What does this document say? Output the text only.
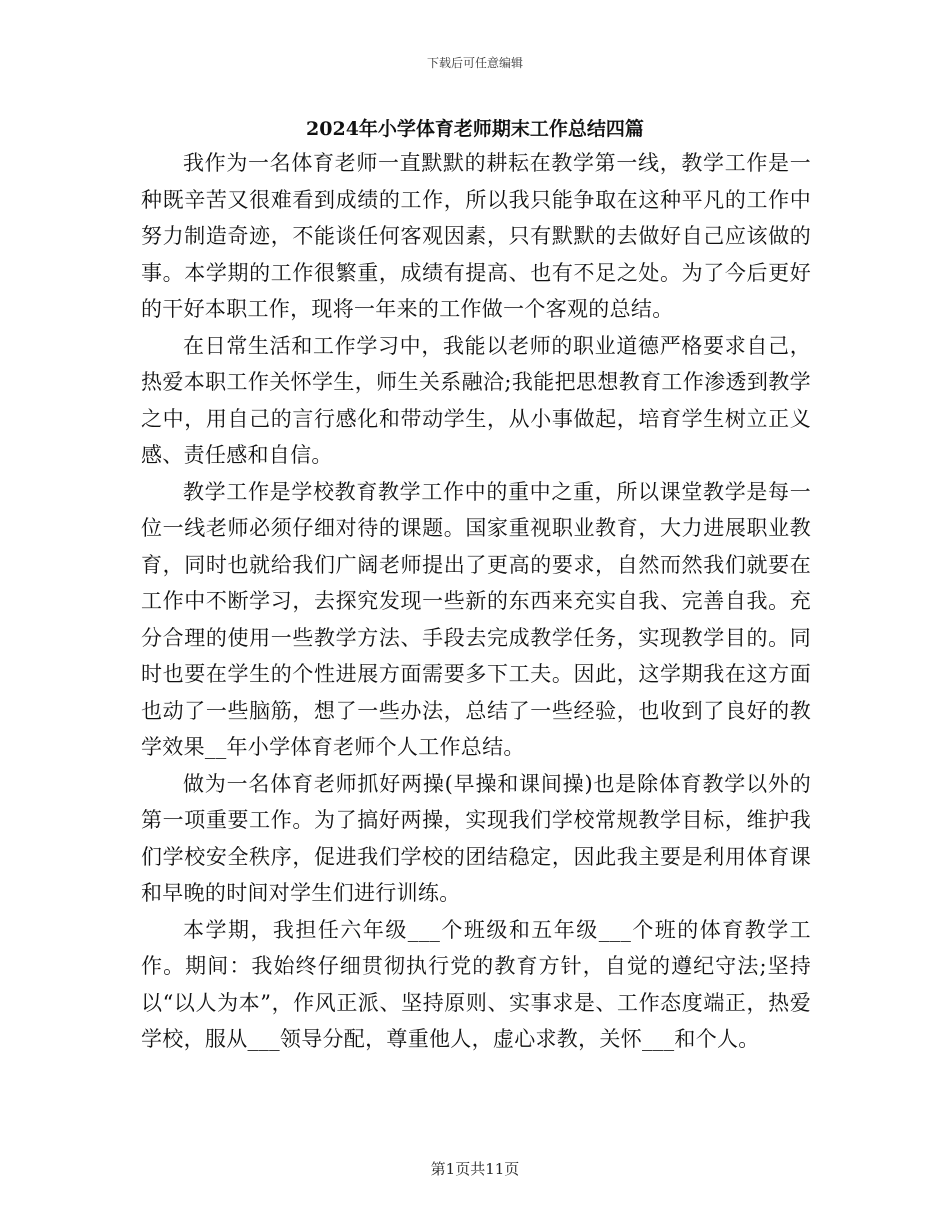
下载后可任意编辑
2024年小学体育老师期末工作总结四篇

我作为一名体育老师一直默默的耕耘在教学第一线，教学工作是一种既辛苦又很难看到成绩的工作，所以我只能争取在这种平凡的工作中努力制造奇迹，不能谈任何客观因素，只有默默的去做好自己应该做的事。本学期的工作很繁重，成绩有提高、也有不足之处。为了今后更好的干好本职工作，现将一年来的工作做一个客观的总结。

在日常生活和工作学习中，我能以老师的职业道德严格要求自己，热爱本职工作关怀学生，师生关系融洽;我能把思想教育工作渗透到教学之中，用自己的言行感化和带动学生，从小事做起，培育学生树立正义感、责任感和自信。

教学工作是学校教育教学工作中的重中之重，所以课堂教学是每一位一线老师必须仔细对待的课题。国家重视职业教育，大力进展职业教育，同时也就给我们广阔老师提出了更高的要求，自然而然我们就要在工作中不断学习，去探究发现一些新的东西来充实自我、完善自我。充分合理的使用一些教学方法、手段去完成教学任务，实现教学目的。同时也要在学生的个性进展方面需要多下工夫。因此，这学期我在这方面也动了一些脑筋，想了一些办法，总结了一些经验，也收到了良好的教学效果__年小学体育老师个人工作总结。

做为一名体育老师抓好两操(早操和课间操)也是除体育教学以外的第一项重要工作。为了搞好两操，实现我们学校常规教学目标，维护我们学校安全秩序，促进我们学校的团结稳定，因此我主要是利用体育课和早晚的时间对学生们进行训练。

本学期，我担任六年级___个班级和五年级___个班的体育教学工作。期间：我始终仔细贯彻执行党的教育方针，自觉的遵纪守法;坚持以“以人为本”，作风正派、坚持原则、实事求是、工作态度端正，热爱学校，服从___领导分配，尊重他人，虚心求教，关怀___和个人。

第1页共11页
